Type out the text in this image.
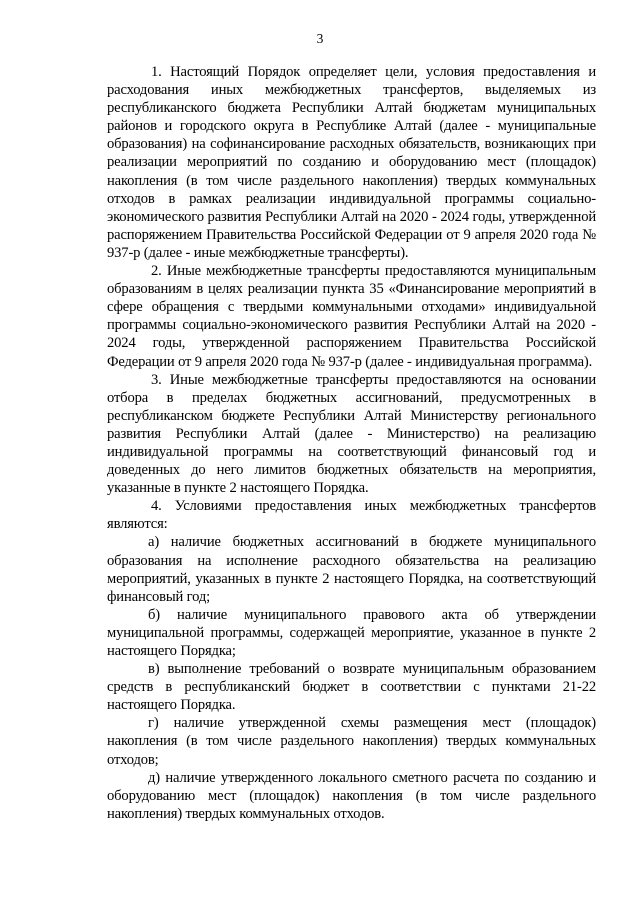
3

1. Настоящий Порядок определяет цели, условия предоставления и расходования иных межбюджетных трансфертов, выделяемых из республиканского бюджета Республики Алтай бюджетам муниципальных районов и городского округа в Республике Алтай (далее - муниципальные образования) на софинансирование расходных обязательств, возникающих при реализации мероприятий по созданию и оборудованию мест (площадок) накопления (в том числе раздельного накопления) твердых коммунальных отходов в рамках реализации индивидуальной программы социально-экономического развития Республики Алтай на 2020 - 2024 годы, утвержденной распоряжением Правительства Российской Федерации от 9 апреля 2020 года № 937-р (далее - иные межбюджетные трансферты).

2. Иные межбюджетные трансферты предоставляются муниципальным образованиям в целях реализации пункта 35 «Финансирование мероприятий в сфере обращения с твердыми коммунальными отходами» индивидуальной программы социально-экономического развития Республики Алтай на 2020 - 2024 годы, утвержденной распоряжением Правительства Российской Федерации от 9 апреля 2020 года № 937-р (далее - индивидуальная программа).

3. Иные межбюджетные трансферты предоставляются на основании отбора в пределах бюджетных ассигнований, предусмотренных в республиканском бюджете Республики Алтай Министерству регионального развития Республики Алтай (далее - Министерство) на реализацию индивидуальной программы на соответствующий финансовый год и доведенных до него лимитов бюджетных обязательств на мероприятия, указанные в пункте 2 настоящего Порядка.

4. Условиями предоставления иных межбюджетных трансфертов являются:

а) наличие бюджетных ассигнований в бюджете муниципального образования на исполнение расходного обязательства на реализацию мероприятий, указанных в пункте 2 настоящего Порядка, на соответствующий финансовый год;

б) наличие муниципального правового акта об утверждении муниципальной программы, содержащей мероприятие, указанное в пункте 2 настоящего Порядка;

в) выполнение требований о возврате муниципальным образованием средств в республиканский бюджет в соответствии с пунктами 21-22 настоящего Порядка.

г) наличие утвержденной схемы размещения мест (площадок) накопления (в том числе раздельного накопления) твердых коммунальных отходов;

д) наличие утвержденного локального сметного расчета по созданию и оборудованию мест (площадок) накопления (в том числе раздельного накопления) твердых коммунальных отходов.
